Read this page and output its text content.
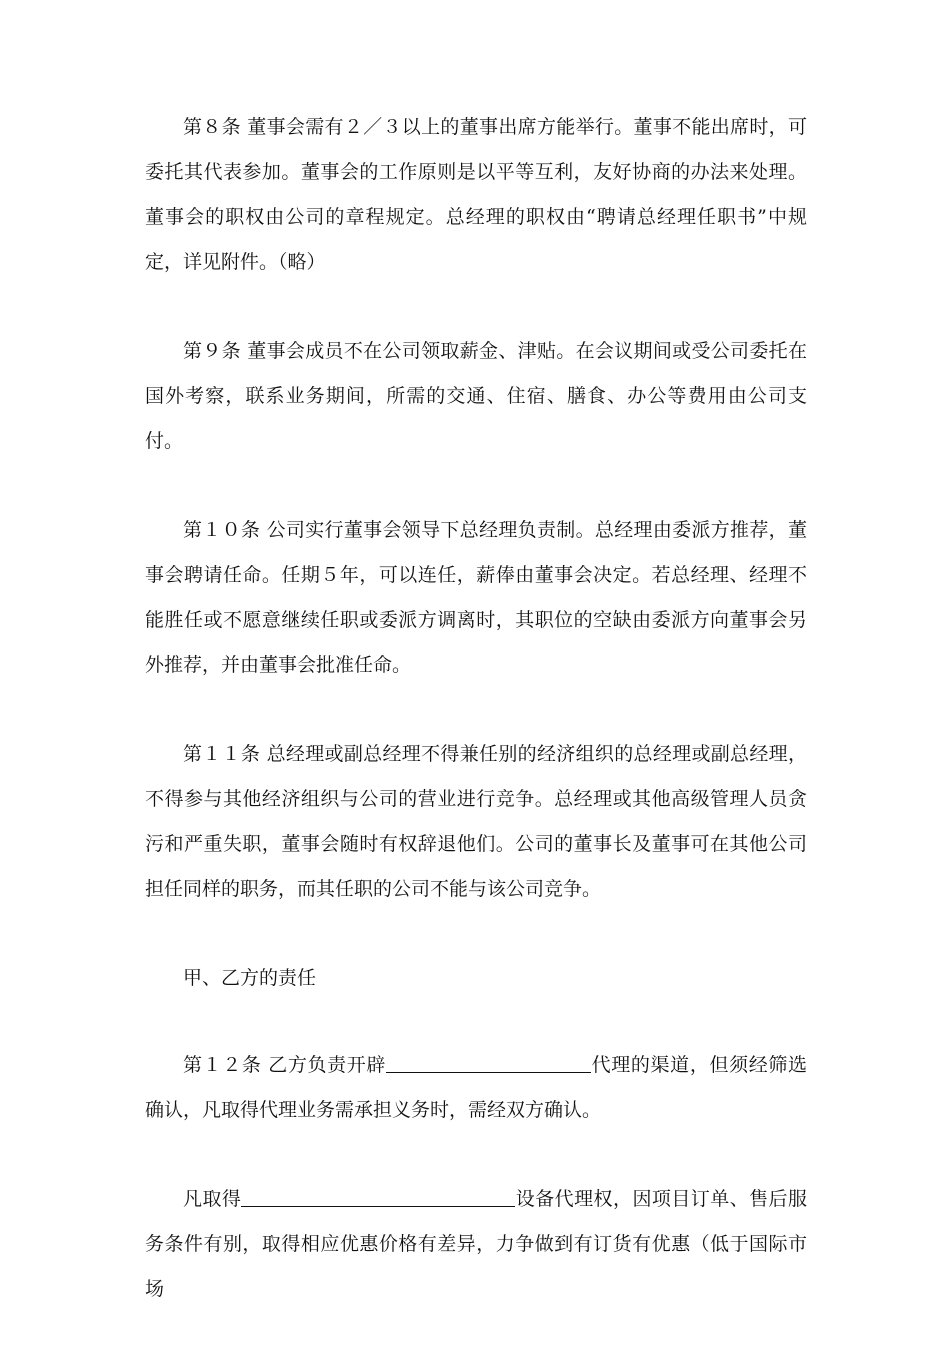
第８条 董事会需有２／３以上的董事出席方能举行。董事不能出席时，可委托其代表参加。董事会的工作原则是以平等互利，友好协商的办法来处理。董事会的职权由公司的章程规定。总经理的职权由“聘请总经理任职书”中规定，详见附件。（略）

第９条 董事会成员不在公司领取薪金、津贴。在会议期间或受公司委托在国外考察，联系业务期间，所需的交通、住宿、膳食、办公等费用由公司支付。

第１０条 公司实行董事会领导下总经理负责制。总经理由委派方推荐，董事会聘请任命。任期５年，可以连任，薪俸由董事会决定。若总经理、经理不能胜任或不愿意继续任职或委派方调离时，其职位的空缺由委派方向董事会另外推荐，并由董事会批准任命。

第１１条 总经理或副总经理不得兼任别的经济组织的总经理或副总经理，不得参与其他经济组织与公司的营业进行竞争。总经理或其他高级管理人员贪污和严重失职，董事会随时有权辞退他们。公司的董事长及董事可在其他公司担任同样的职务，而其任职的公司不能与该公司竞争。

甲、乙方的责任

第１２条 乙方负责开辟	代理的渠道，但须经筛选确认，凡取得代理业务需承担义务时，需经双方确认。

凡取得	设备代理权，因项目订单、售后服务条件有别，取得相应优惠价格有差异，力争做到有订货有优惠（低于国际市场
